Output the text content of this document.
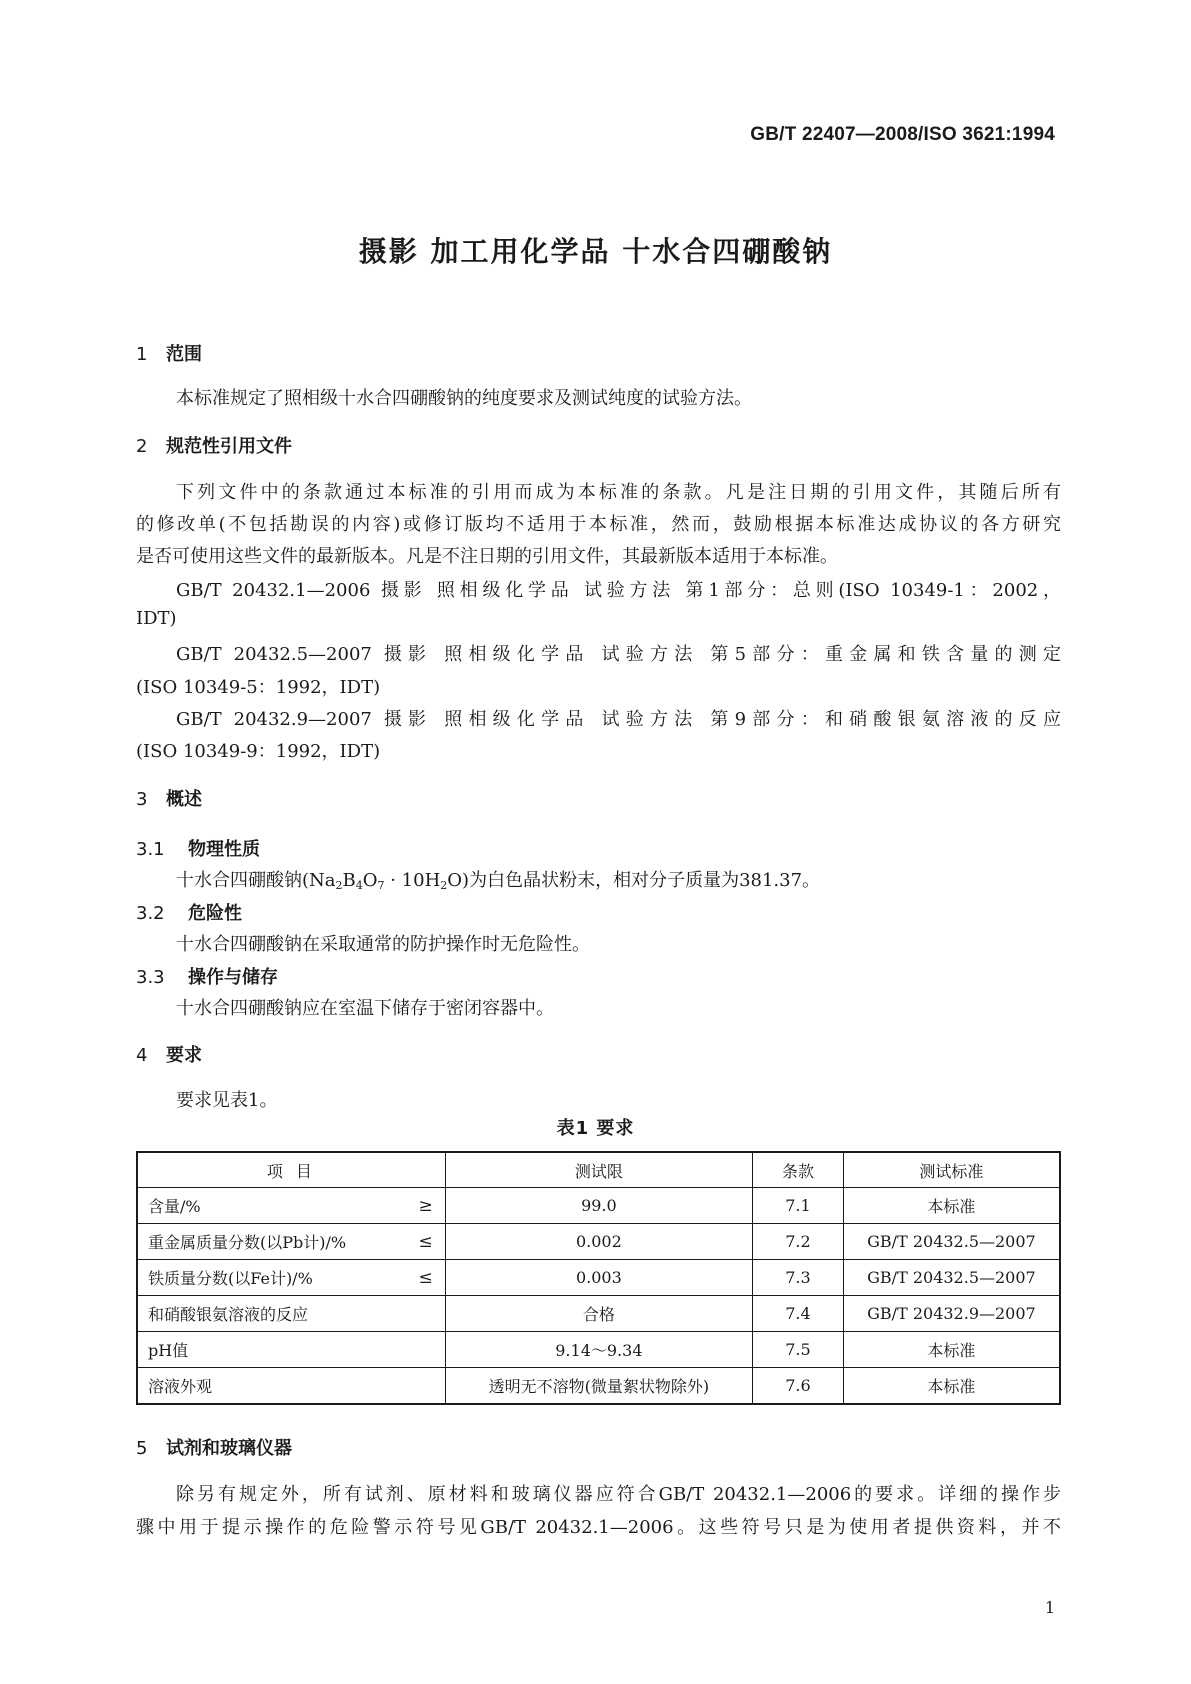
GB/T 22407—2008/ISO 3621:1994
摄影 加工用化学品 十水合四硼酸钠
1 范围
本标准规定了照相级十水合四硼酸钠的纯度要求及测试纯度的试验方法。
2 规范性引用文件
下列文件中的条款通过本标准的引用而成为本标准的条款。凡是注日期的引用文件，其随后所有
的修改单(不包括勘误的内容)或修订版均不适用于本标准，然而，鼓励根据本标准达成协议的各方研究
是否可使用这些文件的最新版本。凡是不注日期的引用文件，其最新版本适用于本标准。
GB/T 20432.1—2006 摄影 照相级化学品 试验方法 第1部分：总则(ISO 10349-1：2002，
IDT)
GB/T 20432.5—2007 摄影 照相级化学品 试验方法 第5部分：重金属和铁含量的测定
(ISO 10349-5：1992，IDT)
GB/T 20432.9—2007 摄影 照相级化学品 试验方法 第9部分：和硝酸银氨溶液的反应
(ISO 10349-9：1992，IDT)
3 概述
3.1 物理性质
十水合四硼酸钠$(Na_2B_4O_7 \cdot 10H_2O)$为白色晶状粉末，相对分子质量为381.37。
3.2 危险性
十水合四硼酸钠在采取通常的防护操作时无危险性。
3.3 操作与储存
十水合四硼酸钠应在室温下储存于密闭容器中。
4 要求
要求见表1。
表1 要求
项 目	测试限	条款	测试标准
含量/% ≥	99.0	7.1	本标准
重金属质量分数(以Pb计)/% ≤	0.002	7.2	GB/T 20432.5—2007
铁质量分数(以Fe计)/% ≤	0.003	7.3	GB/T 20432.5—2007
和硝酸银氨溶液的反应	合格	7.4	GB/T 20432.9—2007
pH值	9.14～9.34	7.5	本标准
溶液外观	透明无不溶物(微量絮状物除外)	7.6	本标准
5 试剂和玻璃仪器
除另有规定外，所有试剂、原材料和玻璃仪器应符合GB/T 20432.1—2006的要求。详细的操作步
骤中用于提示操作的危险警示符号见GB/T 20432.1—2006。这些符号只是为使用者提供资料，并不
1
